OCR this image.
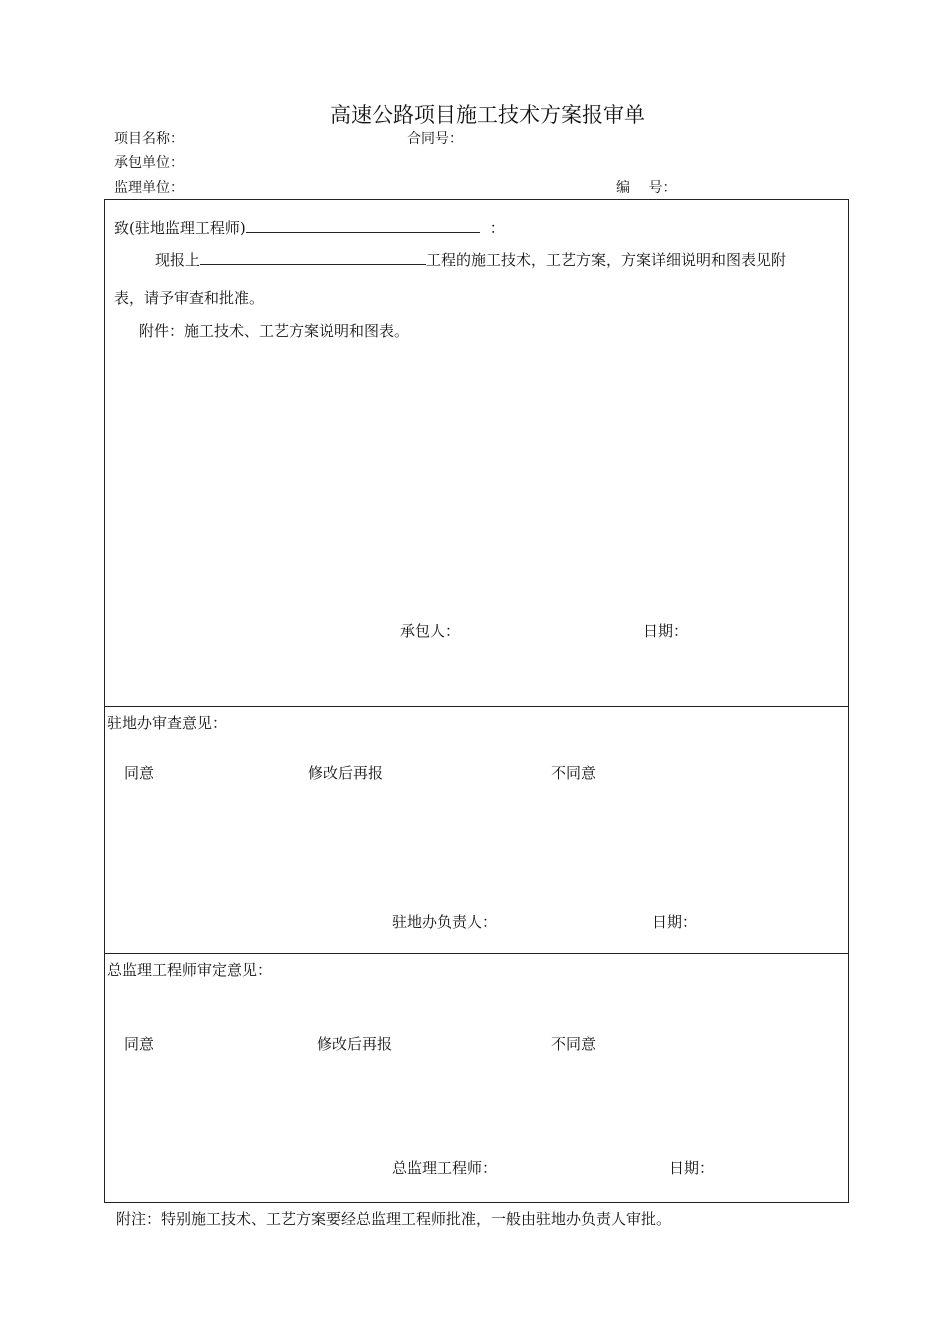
高速公路项目施工技术方案报审单
项目名称：	合同号：
承包单位：
监理单位：	编　 号：
致(驻地监理工程师)	：
现报上	工程的施工技术，工艺方案，方案详细说明和图表见附
表，请予审查和批准。
附件：施工技术、工艺方案说明和图表。
承包人：	日期：
驻地办审查意见：
同意	修改后再报	不同意
驻地办负责人：	日期：
总监理工程师审定意见：
同意	修改后再报	不同意
总监理工程师：	日期：
附注：特别施工技术、工艺方案要经总监理工程师批准，一般由驻地办负责人审批。
